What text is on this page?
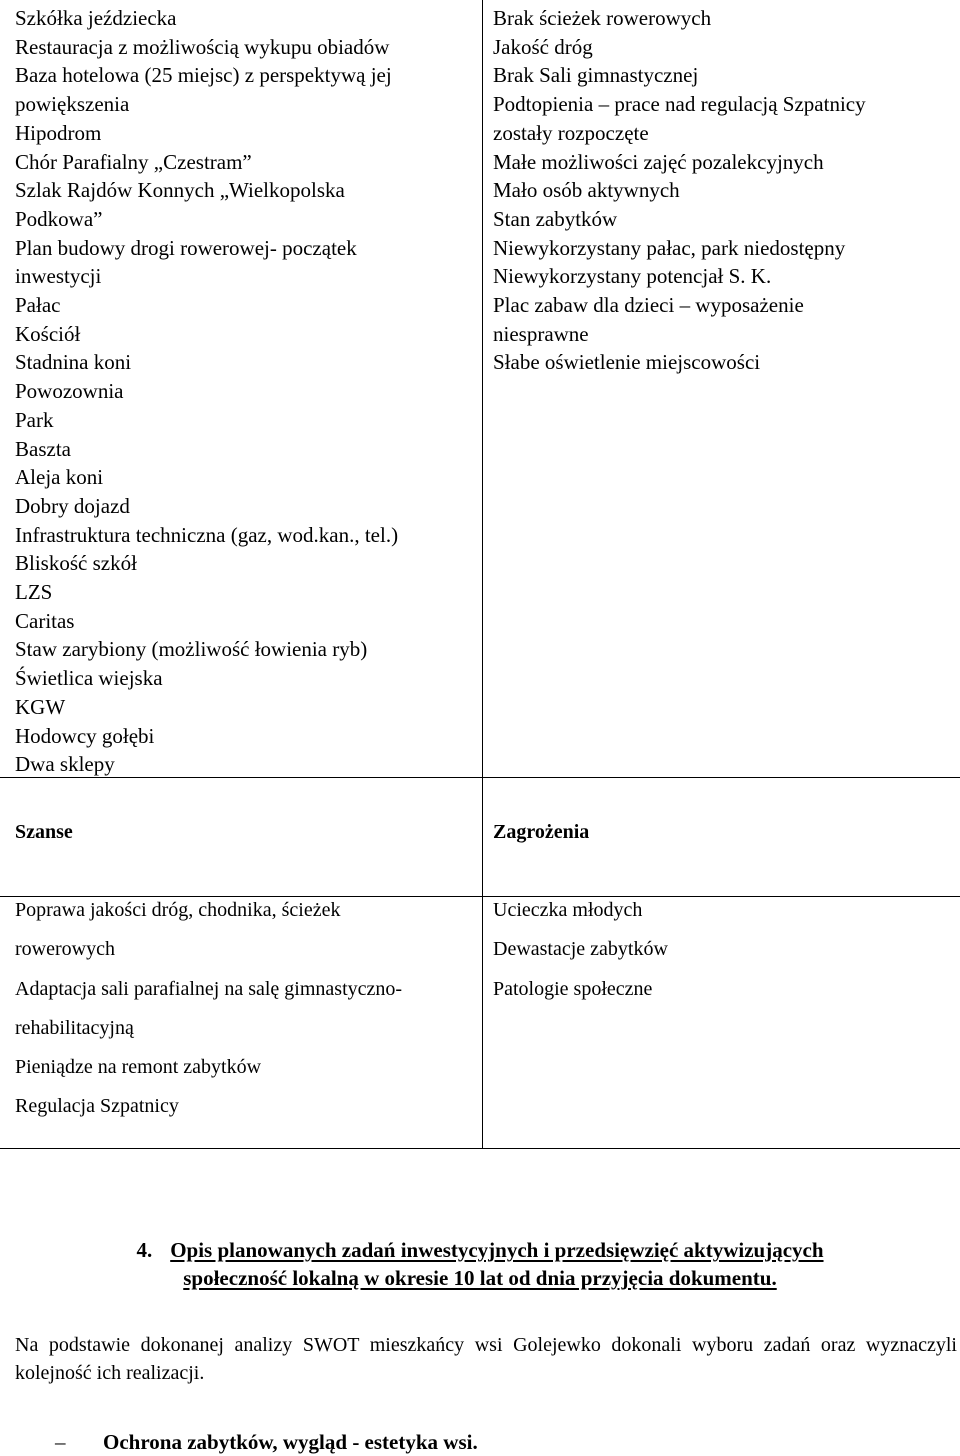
Szkółka jeździecka
Restauracja z możliwością wykupu obiadów
Baza hotelowa (25 miejsc) z perspektywą jej
powiększenia
Hipodrom
Chór Parafialny „Czestram”
Szlak Rajdów Konnych „Wielkopolska
Podkowa”
Plan budowy drogi rowerowej- początek
inwestycji
Pałac
Kościół
Stadnina koni
Powozownia
Park
Baszta
Aleja koni
Dobry dojazd
Infrastruktura techniczna (gaz, wod.kan., tel.)
Bliskość szkół
LZS
Caritas
Staw zarybiony (możliwość łowienia ryb)
Świetlica wiejska
KGW
Hodowcy gołębi
Dwa sklepy
Brak ścieżek rowerowych
Jakość dróg
Brak Sali gimnastycznej
Podtopienia – prace nad regulacją Szpatnicy
zostały rozpoczęte
Małe możliwości zajęć pozalekcyjnych
Mało osób aktywnych
Stan zabytków
Niewykorzystany pałac, park niedostępny
Niewykorzystany potencjał S. K.
Plac zabaw dla dzieci – wyposażenie
niesprawne
Słabe oświetlenie miejscowości
Szanse	Zagrożenia
Poprawa jakości dróg, chodnika, ścieżek
rowerowych
Adaptacja sali parafialnej na salę gimnastyczno-
rehabilitacyjną
Pieniądze na remont zabytków
Regulacja Szpatnicy
Ucieczka młodych
Dewastacje zabytków
Patologie społeczne
4. Opis planowanych zadań inwestycyjnych i przedsięwzięć aktywizujących
społeczność lokalną w okresie 10 lat od dnia przyjęcia dokumentu.
Na podstawie dokonanej analizy SWOT mieszkańcy wsi Golejewko dokonali wyboru zadań oraz wyznaczyli kolejność ich realizacji.
– Ochrona zabytków, wygląd - estetyka wsi.
